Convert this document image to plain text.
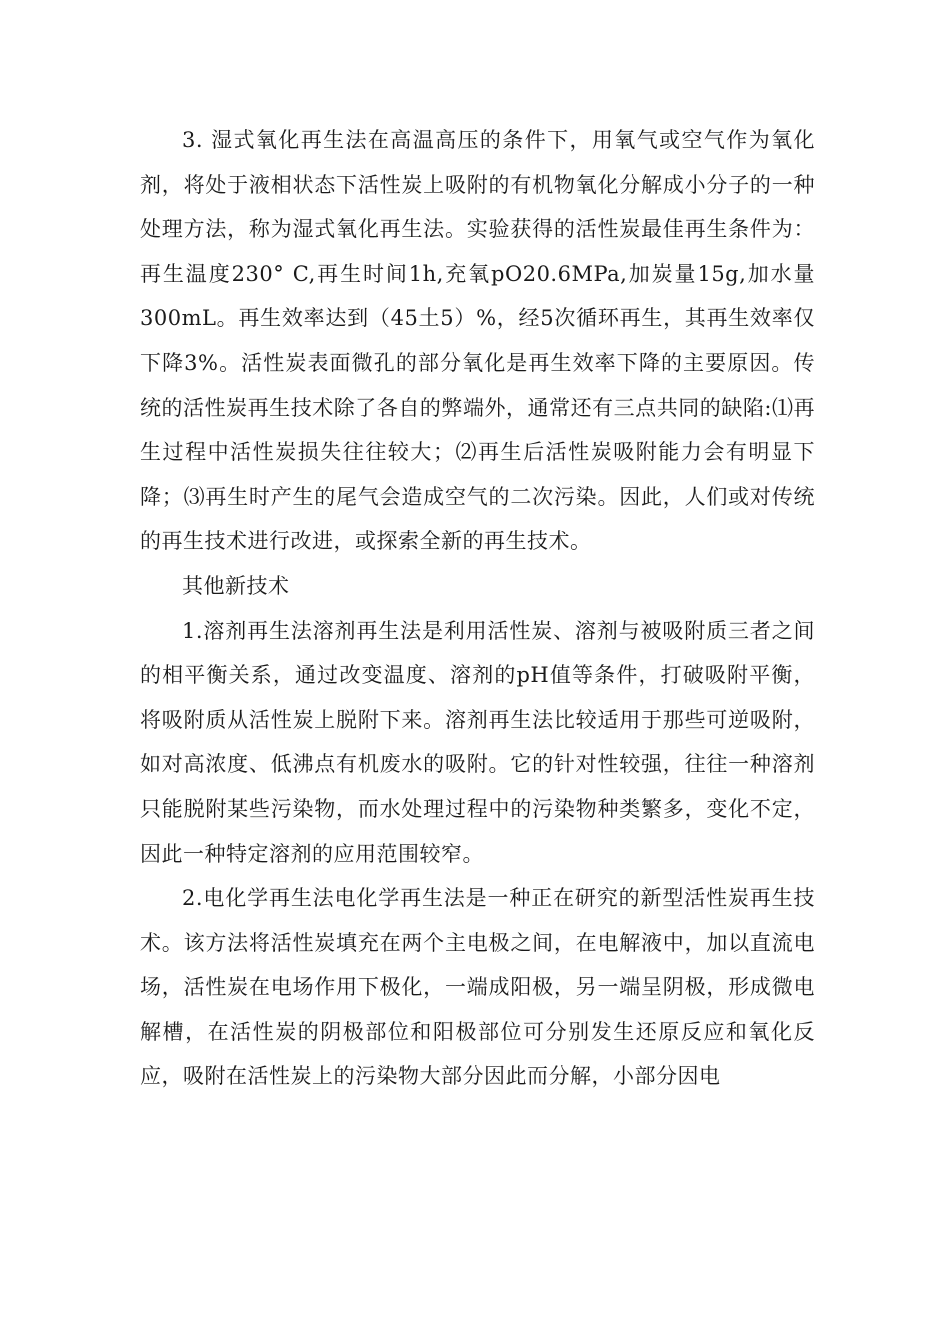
3. 湿式氧化再生法在高温高压的条件下，用氧气或空气作为氧化剂，将处于液相状态下活性炭上吸附的有机物氧化分解成小分子的一种处理方法，称为湿式氧化再生法。实验获得的活性炭最佳再生条件为：再生温度230° C,再生时间1h,充氧pO20.6MPa,加炭量15g,加水量300mL。再生效率达到（45土5）%，经5次循环再生，其再生效率仅下降3%。活性炭表面微孔的部分氧化是再生效率下降的主要原因。传统的活性炭再生技术除了各自的弊端外，通常还有三点共同的缺陷:⑴再生过程中活性炭损失往往较大；⑵再生后活性炭吸附能力会有明显下降；⑶再生时产生的尾气会造成空气的二次污染。因此，人们或对传统的再生技术进行改进，或探索全新的再生技术。

其他新技术

1.溶剂再生法溶剂再生法是利用活性炭、溶剂与被吸附质三者之间的相平衡关系，通过改变温度、溶剂的pH值等条件，打破吸附平衡，将吸附质从活性炭上脱附下来。溶剂再生法比较适用于那些可逆吸附，如对高浓度、低沸点有机废水的吸附。它的针对性较强，往往一种溶剂只能脱附某些污染物，而水处理过程中的污染物种类繁多，变化不定，因此一种特定溶剂的应用范围较窄。

2.电化学再生法电化学再生法是一种正在研究的新型活性炭再生技术。该方法将活性炭填充在两个主电极之间，在电解液中，加以直流电场，活性炭在电场作用下极化，一端成阳极，另一端呈阴极，形成微电解槽，在活性炭的阴极部位和阳极部位可分别发生还原反应和氧化反应，吸附在活性炭上的污染物大部分因此而分解，小部分因电
